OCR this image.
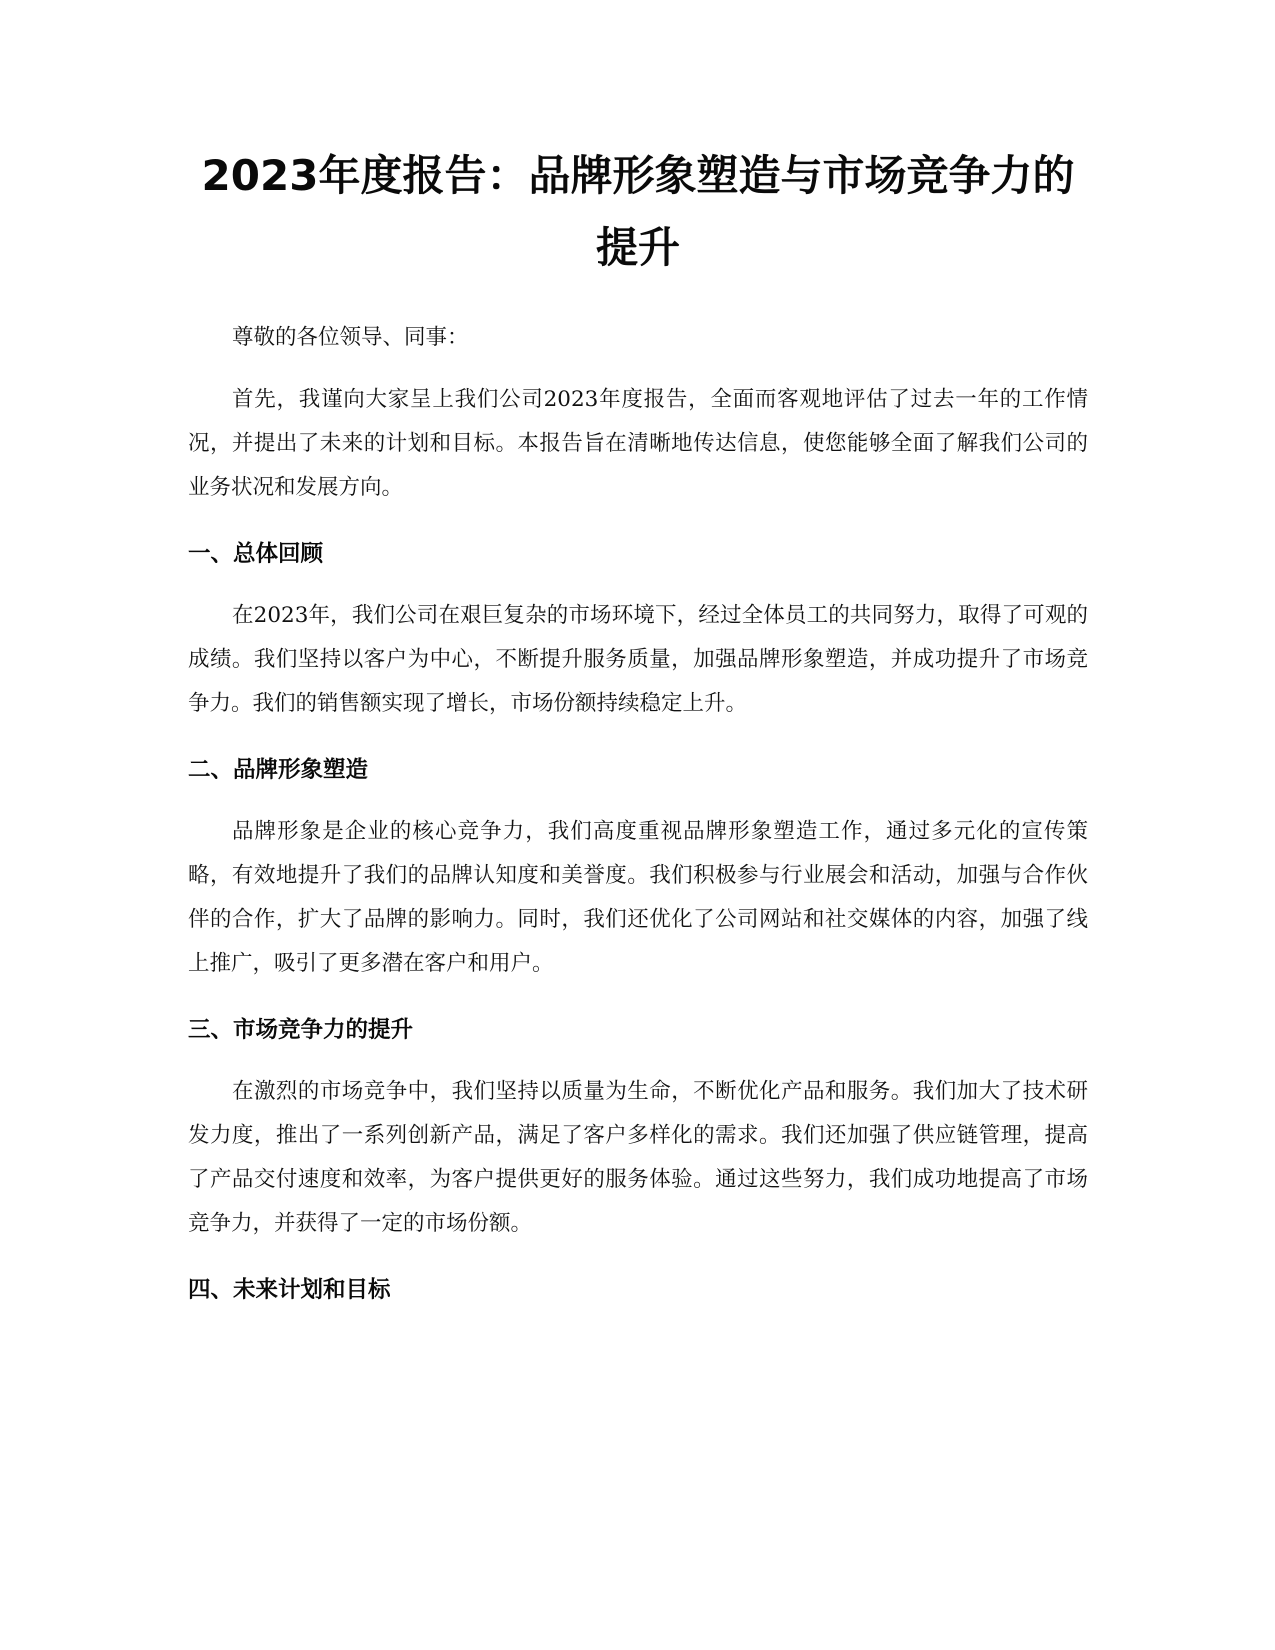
2023年度报告：品牌形象塑造与市场竞争力的提升

尊敬的各位领导、同事：

首先，我谨向大家呈上我们公司2023年度报告，全面而客观地评估了过去一年的工作情况，并提出了未来的计划和目标。本报告旨在清晰地传达信息，使您能够全面了解我们公司的业务状况和发展方向。

一、总体回顾

在2023年，我们公司在艰巨复杂的市场环境下，经过全体员工的共同努力，取得了可观的成绩。我们坚持以客户为中心，不断提升服务质量，加强品牌形象塑造，并成功提升了市场竞争力。我们的销售额实现了增长，市场份额持续稳定上升。

二、品牌形象塑造

品牌形象是企业的核心竞争力，我们高度重视品牌形象塑造工作，通过多元化的宣传策略，有效地提升了我们的品牌认知度和美誉度。我们积极参与行业展会和活动，加强与合作伙伴的合作，扩大了品牌的影响力。同时，我们还优化了公司网站和社交媒体的内容，加强了线上推广，吸引了更多潜在客户和用户。

三、市场竞争力的提升

在激烈的市场竞争中，我们坚持以质量为生命，不断优化产品和服务。我们加大了技术研发力度，推出了一系列创新产品，满足了客户多样化的需求。我们还加强了供应链管理，提高了产品交付速度和效率，为客户提供更好的服务体验。通过这些努力，我们成功地提高了市场竞争力，并获得了一定的市场份额。

四、未来计划和目标
